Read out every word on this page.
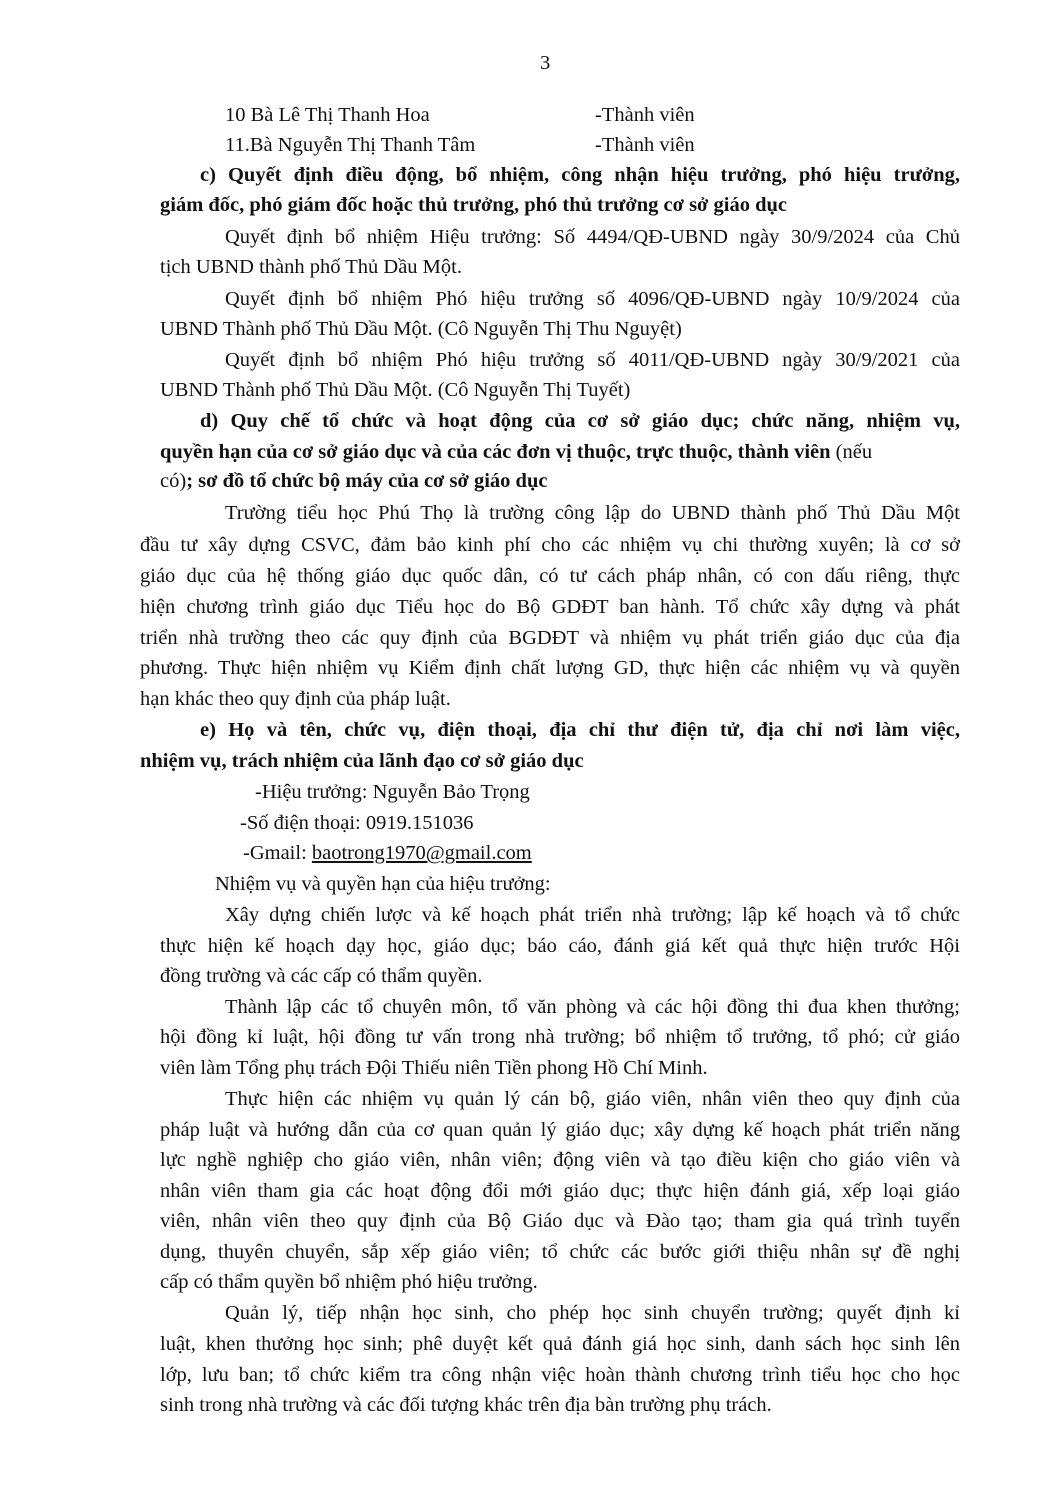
3
10 Bà Lê Thị Thanh Hoa	-Thành viên
11.Bà Nguyễn Thị Thanh Tâm	-Thành viên
c) Quyết định điều động, bổ nhiệm, công nhận hiệu trưởng, phó hiệu trưởng,
giám đốc, phó giám đốc hoặc thủ trưởng, phó thủ trưởng cơ sở giáo dục
Quyết định bổ nhiệm Hiệu trưởng: Số 4494/QĐ-UBND ngày 30/9/2024 của Chủ
tịch UBND thành phố Thủ Dầu Một.
Quyết định bổ nhiệm Phó hiệu trưởng số 4096/QĐ-UBND ngày 10/9/2024 của
UBND Thành phố Thủ Dầu Một. (Cô Nguyễn Thị Thu Nguyệt)
Quyết định bổ nhiệm Phó hiệu trưởng số 4011/QĐ-UBND ngày 30/9/2021 của
UBND Thành phố Thủ Dầu Một. (Cô Nguyễn Thị Tuyết)
d) Quy chế tổ chức và hoạt động của cơ sở giáo dục; chức năng, nhiệm vụ,
quyền hạn của cơ sở giáo dục và của các đơn vị thuộc, trực thuộc, thành viên (nếu
có); sơ đồ tổ chức bộ máy của cơ sở giáo dục
Trường tiểu học Phú Thọ là trường công lập do UBND thành phố Thủ Dầu Một
đầu tư xây dựng CSVC, đảm bảo kinh phí cho các nhiệm vụ chi thường xuyên; là cơ sở
giáo dục của hệ thống giáo dục quốc dân, có tư cách pháp nhân, có con dấu riêng, thực
hiện chương trình giáo dục Tiểu học do Bộ GDĐT ban hành. Tổ chức xây dựng và phát
triển nhà trường theo các quy định của BGDĐT và nhiệm vụ phát triển giáo dục của địa
phương. Thực hiện nhiệm vụ Kiểm định chất lượng GD, thực hiện các nhiệm vụ và quyền
hạn khác theo quy định của pháp luật.
e) Họ và tên, chức vụ, điện thoại, địa chỉ thư điện tử, địa chỉ nơi làm việc,
nhiệm vụ, trách nhiệm của lãnh đạo cơ sở giáo dục
-Hiệu trưởng: Nguyễn Bảo Trọng
-Số điện thoại: 0919.151036
-Gmail: baotrong1970@gmail.com
Nhiệm vụ và quyền hạn của hiệu trưởng:
Xây dựng chiến lược và kế hoạch phát triển nhà trường; lập kế hoạch và tổ chức
thực hiện kế hoạch dạy học, giáo dục; báo cáo, đánh giá kết quả thực hiện trước Hội
đồng trường và các cấp có thẩm quyền.
Thành lập các tổ chuyên môn, tổ văn phòng và các hội đồng thi đua khen thưởng;
hội đồng kỉ luật, hội đồng tư vấn trong nhà trường; bổ nhiệm tổ trưởng, tổ phó; cử giáo
viên làm Tổng phụ trách Đội Thiếu niên Tiền phong Hồ Chí Minh.
Thực hiện các nhiệm vụ quản lý cán bộ, giáo viên, nhân viên theo quy định của
pháp luật và hướng dẫn của cơ quan quản lý giáo dục; xây dựng kế hoạch phát triển năng
lực nghề nghiệp cho giáo viên, nhân viên; động viên và tạo điều kiện cho giáo viên và
nhân viên tham gia các hoạt động đổi mới giáo dục; thực hiện đánh giá, xếp loại giáo
viên, nhân viên theo quy định của Bộ Giáo dục và Đào tạo; tham gia quá trình tuyển
dụng, thuyên chuyển, sắp xếp giáo viên; tổ chức các bước giới thiệu nhân sự đề nghị
cấp có thẩm quyền bổ nhiệm phó hiệu trưởng.
Quản lý, tiếp nhận học sinh, cho phép học sinh chuyển trường; quyết định kỉ
luật, khen thưởng học sinh; phê duyệt kết quả đánh giá học sinh, danh sách học sinh lên
lớp, lưu ban; tổ chức kiểm tra công nhận việc hoàn thành chương trình tiểu học cho học
sinh trong nhà trường và các đối tượng khác trên địa bàn trường phụ trách.
